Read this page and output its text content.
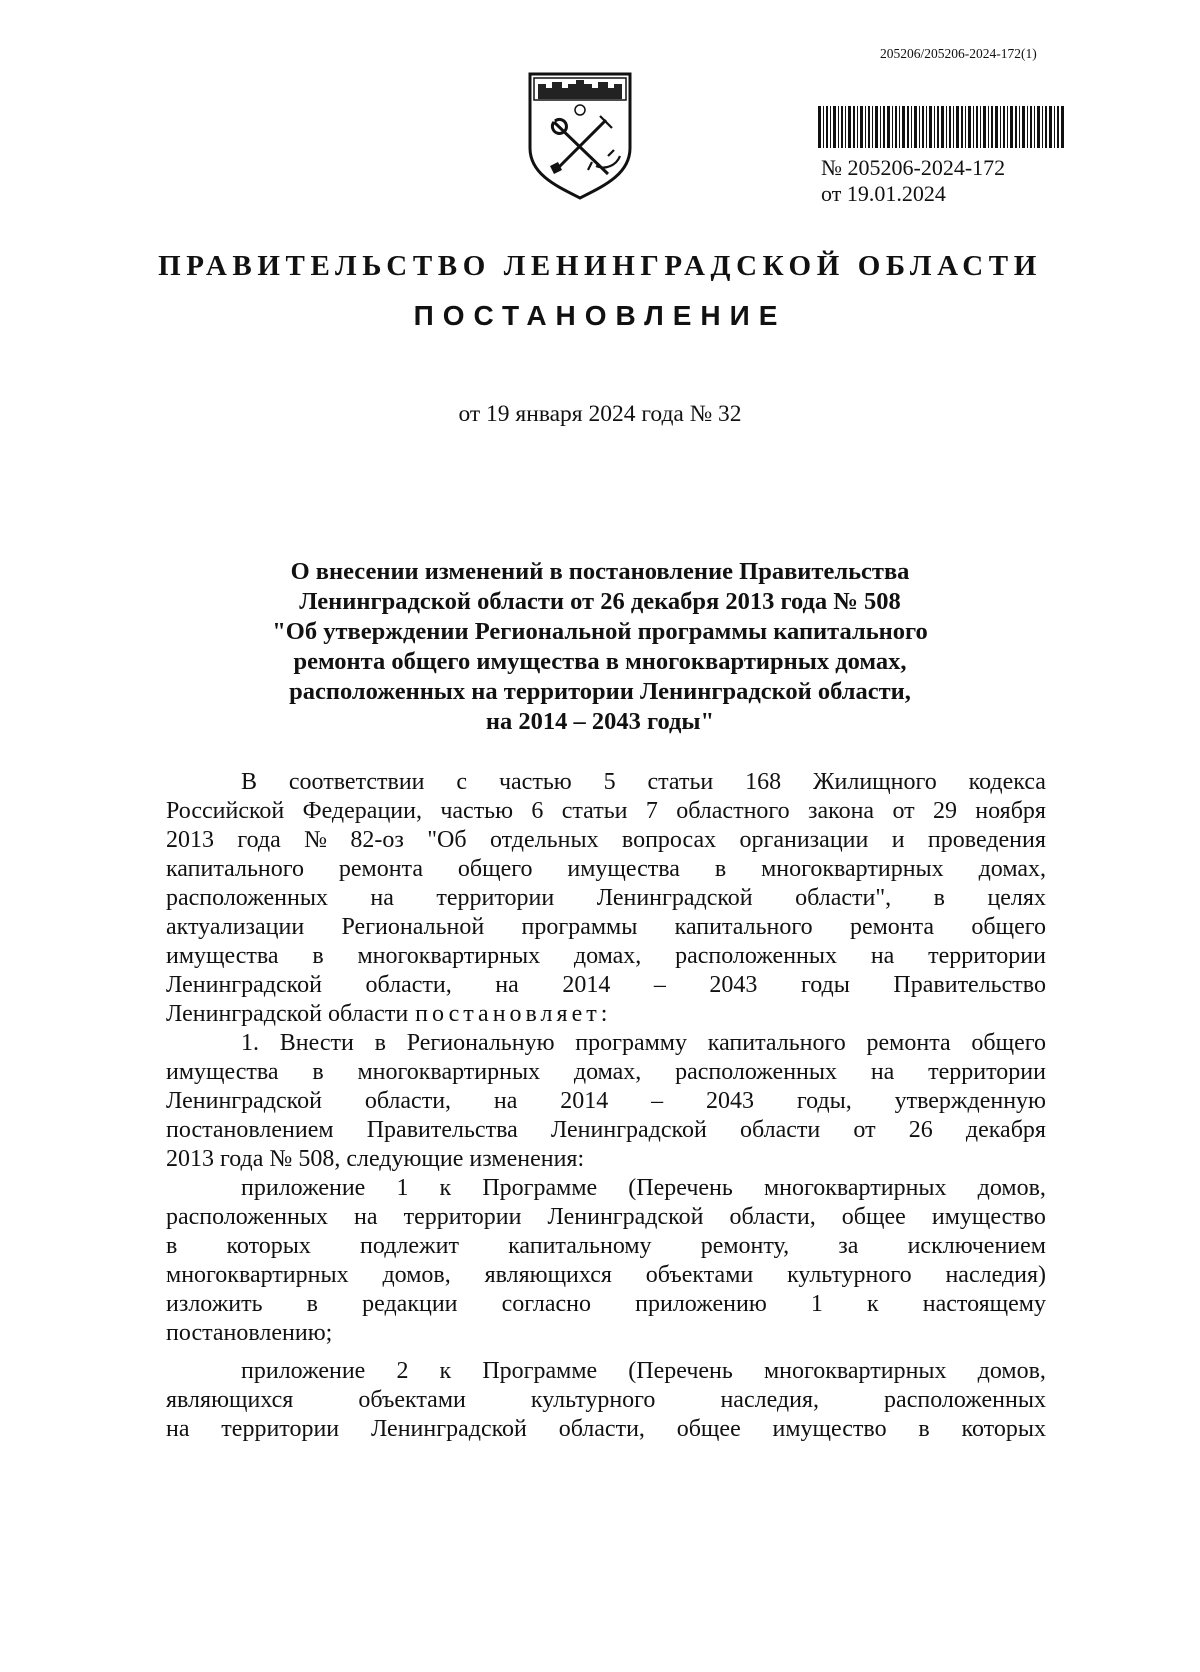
205206/205206-2024-172(1)
№ 205206-2024-172
от 19.01.2024
ПРАВИТЕЛЬСТВО ЛЕНИНГРАДСКОЙ ОБЛАСТИ
ПОСТАНОВЛЕНИЕ
от 19 января 2024 года № 32
О внесении изменений в постановление Правительства
Ленинградской области от 26 декабря 2013 года № 508
"Об утверждении Региональной программы капитального
ремонта общего имущества в многоквартирных домах,
расположенных на территории Ленинградской области,
на 2014 – 2043 годы"
В соответствии с частью 5 статьи 168 Жилищного кодекса
Российской Федерации, частью 6 статьи 7 областного закона от 29 ноября
2013 года № 82-оз "Об отдельных вопросах организации и проведения
капитального ремонта общего имущества в многоквартирных домах,
расположенных на территории Ленинградской области", в целях
актуализации Региональной программы капитального ремонта общего
имущества в многоквартирных домах, расположенных на территории
Ленинградской области, на 2014 – 2043 годы Правительство
Ленинградской области постановляет:
1. Внести в Региональную программу капитального ремонта общего
имущества в многоквартирных домах, расположенных на территории
Ленинградской области, на 2014 – 2043 годы, утвержденную
постановлением Правительства Ленинградской области от 26 декабря
2013 года № 508, следующие изменения:
приложение 1 к Программе (Перечень многоквартирных домов,
расположенных на территории Ленинградской области, общее имущество
в которых подлежит капитальному ремонту, за исключением
многоквартирных домов, являющихся объектами культурного наследия)
изложить в редакции согласно приложению 1 к настоящему
постановлению;
приложение 2 к Программе (Перечень многоквартирных домов,
являющихся	объектами	культурного	наследия,	расположенных
на территории Ленинградской области, общее имущество в которых
